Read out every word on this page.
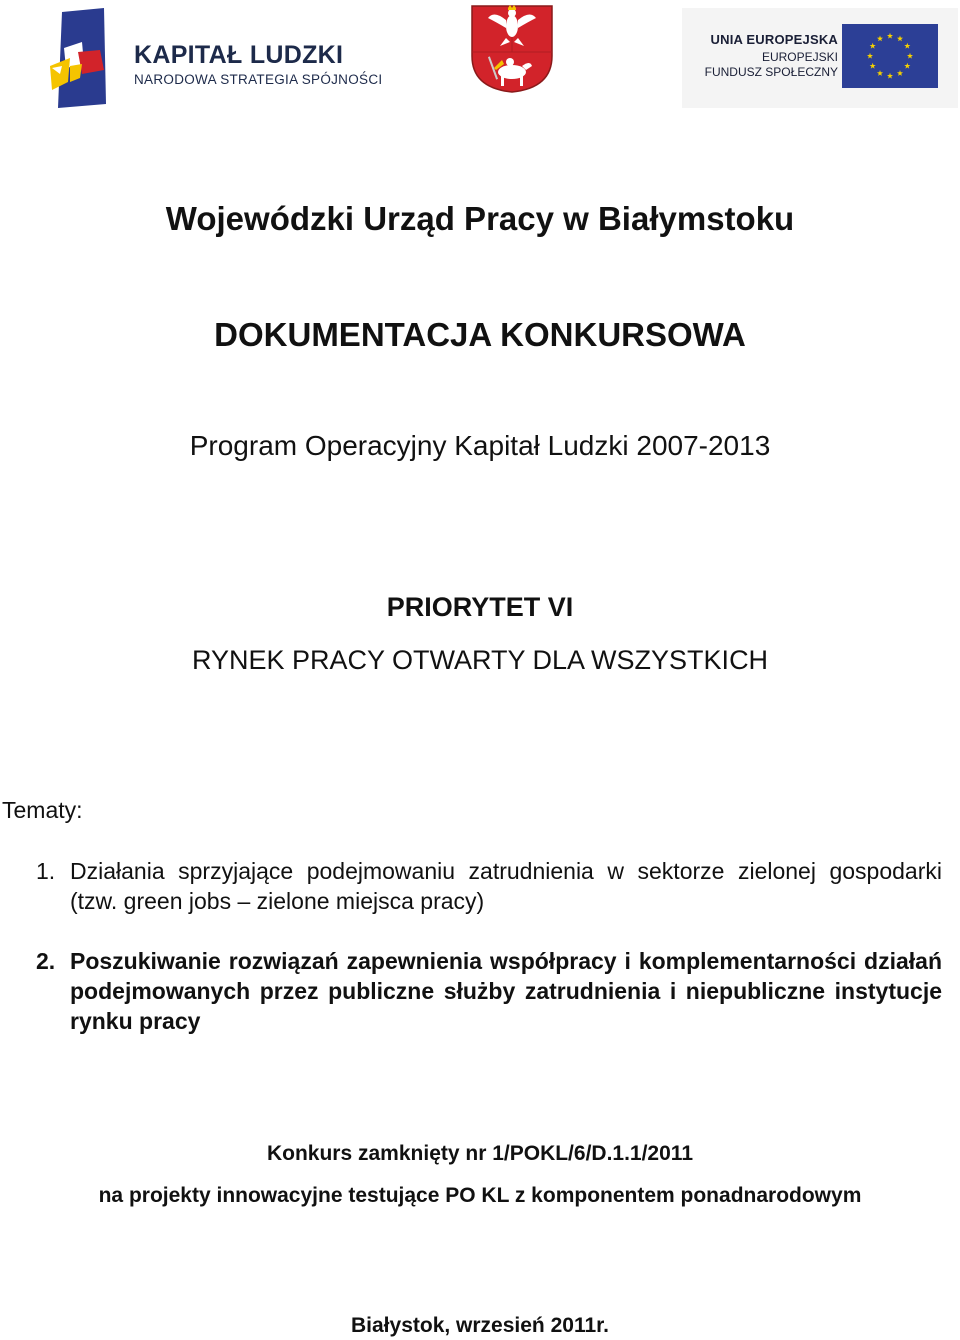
KAPITAŁ LUDZKI
NARODOWA STRATEGIA SPÓJNOŚCI
UNIA EUROPEJSKA
EUROPEJSKI
FUNDUSZ SPOŁECZNY
Wojewódzki Urząd Pracy w Białymstoku
DOKUMENTACJA KONKURSOWA
Program Operacyjny Kapitał Ludzki 2007-2013
PRIORYTET VI
RYNEK PRACY OTWARTY DLA WSZYSTKICH
Tematy:
1. Działania sprzyjające podejmowaniu zatrudnienia w sektorze zielonej gospodarki (tzw. green jobs – zielone miejsca pracy)
2. Poszukiwanie rozwiązań zapewnienia współpracy i komplementarności działań podejmowanych przez publiczne służby zatrudnienia i niepubliczne instytucje rynku pracy
Konkurs zamknięty nr 1/POKL/6/D.1.1/2011
na projekty innowacyjne testujące PO KL z komponentem ponadnarodowym
Białystok, wrzesień 2011r.
